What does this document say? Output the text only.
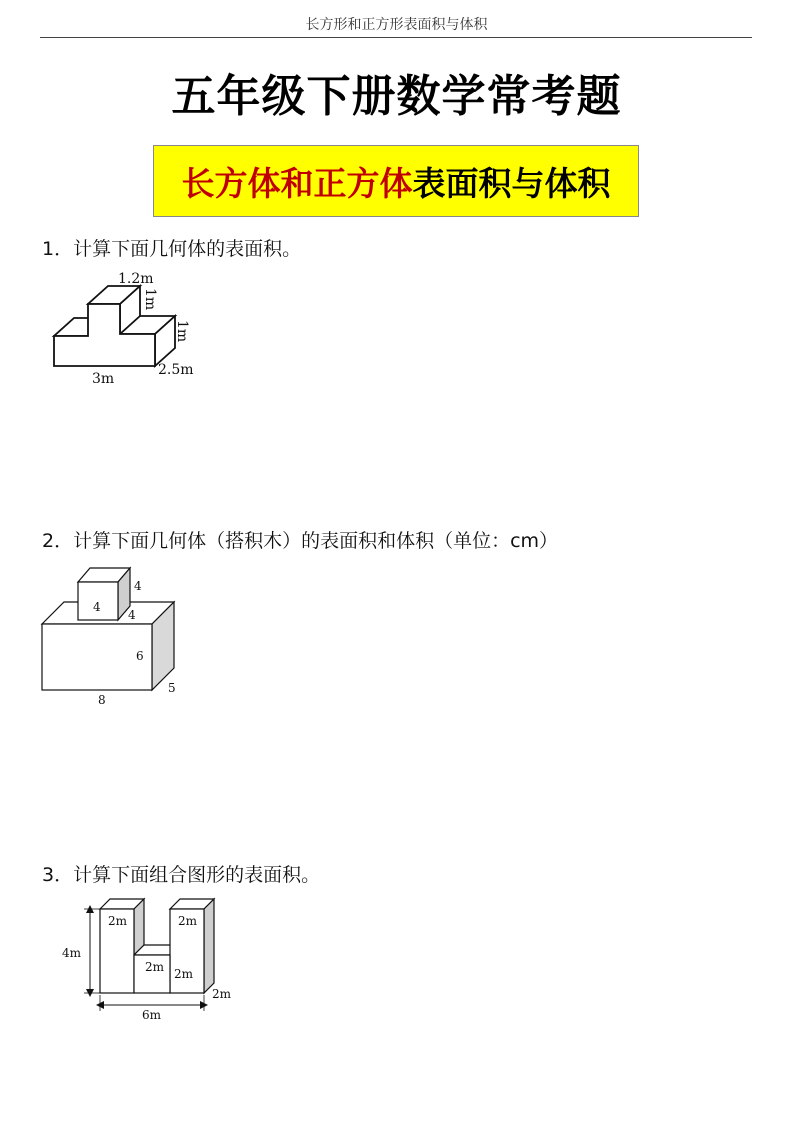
长方形和正方形表面积与体积
五年级下册数学常考题
长方体和正方体 表面积与体积
1．计算下面几何体的表面积。
1.2m
1m
1m
3m
2.5m
2．计算下面几何体（搭积木）的表面积和体积（单位：cm）
4
4
4
6
8
5
3．计算下面组合图形的表面积。
2m	2m
2m 2m
4m
6m
2m
